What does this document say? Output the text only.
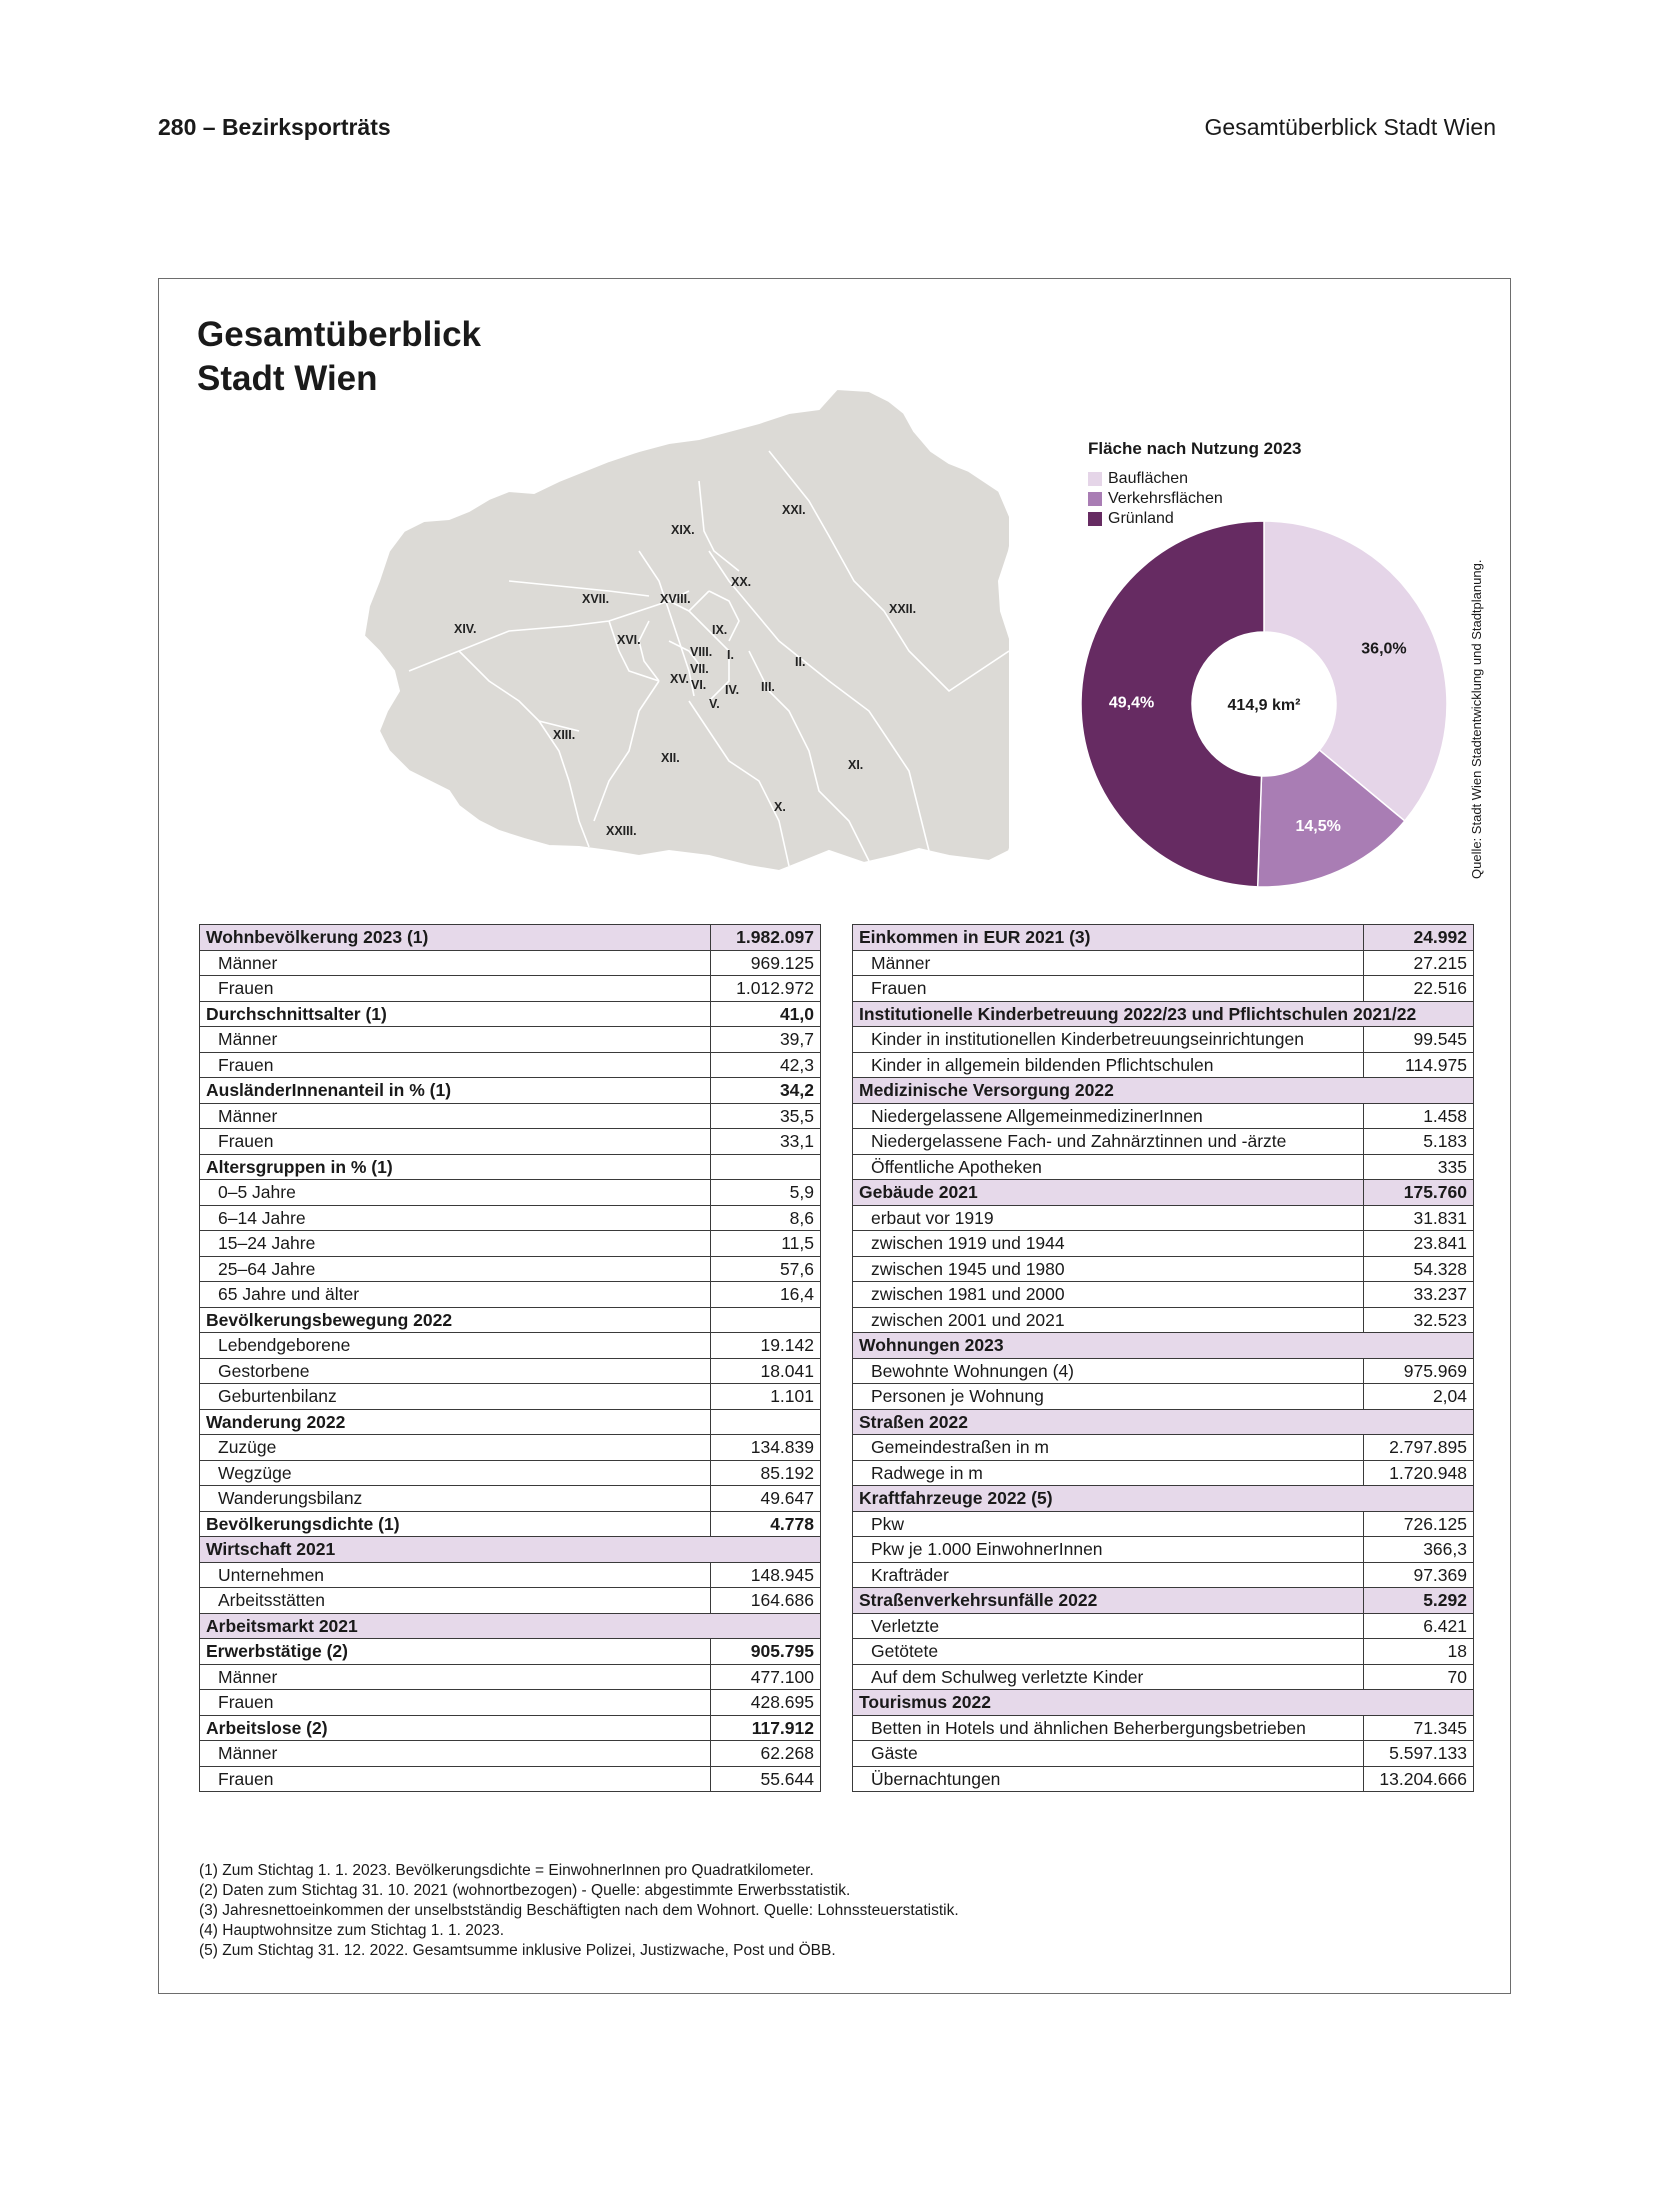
280 – Bezirksporträts	Gesamtüberblick Stadt Wien
Gesamtüberblick
Stadt Wien
I.	II.
III.
IV.
V.
VI.
VII.
VIII.
IX.
X.
XI.
XII.
XIII.
XIV.
XV.
XVI.
XVII.	XVIII.
XIX.
XX.
XXI.
XXII.
XXIII.
Fläche nach Nutzung 2023
Bauflächen
Verkehrsflächen
Grünland
36,0%
14,5%
49,4%	414,9 km²	Quelle: Stadt Wien Stadtentwicklung und Stadtplanung.
Wohnbevölkerung 2023 (1)	1.982.097
Männer	969.125
Frauen	1.012.972
Durchschnittsalter (1)	41,0
Männer	39,7
Frauen	42,3
AusländerInnenanteil in % (1)	34,2
Männer	35,5
Frauen	33,1
Altersgruppen in % (1)	
0–5 Jahre	5,9
6–14 Jahre	8,6
15–24 Jahre	11,5
25–64 Jahre	57,6
65 Jahre und älter	16,4
Bevölkerungsbewegung 2022	
Lebendgeborene	19.142
Gestorbene	18.041
Geburtenbilanz	1.101
Wanderung 2022	
Zuzüge	134.839
Wegzüge	85.192
Wanderungsbilanz	49.647
Bevölkerungsdichte (1)	4.778
Wirtschaft 2021	
Unternehmen	148.945
Arbeitsstätten	164.686
Arbeitsmarkt 2021	
Erwerbstätige (2)	905.795
Männer	477.100
Frauen	428.695
Arbeitslose (2)	117.912
Männer	62.268
Frauen	55.644
Einkommen in EUR 2021 (3)	24.992
Männer	27.215
Frauen	22.516
Institutionelle Kinderbetreuung 2022/23 und Pflichtschulen 2021/22	
Kinder in institutionellen Kinderbetreuungseinrichtungen	99.545
Kinder in allgemein bildenden Pflichtschulen	114.975
Medizinische Versorgung 2022	
Niedergelassene AllgemeinmedizinerInnen	1.458
Niedergelassene Fach- und Zahnärztinnen und -ärzte	5.183
Öffentliche Apotheken	335
Gebäude 2021	175.760
erbaut vor 1919	31.831
zwischen 1919 und 1944	23.841
zwischen 1945 und 1980	54.328
zwischen 1981 und 2000	33.237
zwischen 2001 und 2021	32.523
Wohnungen 2023	
Bewohnte Wohnungen (4)	975.969
Personen je Wohnung	2,04
Straßen 2022	
Gemeindestraßen in m	2.797.895
Radwege in m	1.720.948
Kraftfahrzeuge 2022 (5)	
Pkw	726.125
Pkw je 1.000 EinwohnerInnen	366,3
Krafträder	97.369
Straßenverkehrsunfälle 2022	5.292
Verletzte	6.421
Getötete	18
Auf dem Schulweg verletzte Kinder	70
Tourismus 2022	
Betten in Hotels und ähnlichen Beherbergungsbetrieben	71.345
Gäste	5.597.133
Übernachtungen	13.204.666
(1) Zum Stichtag 1. 1. 2023. Bevölkerungsdichte = EinwohnerInnen pro Quadratkilometer.
(2) Daten zum Stichtag 31. 10. 2021 (wohnortbezogen) - Quelle: abgestimmte Erwerbsstatistik.
(3) Jahresnettoeinkommen der unselbstständig Beschäftigten nach dem Wohnort. Quelle: Lohnssteuerstatistik.
(4) Hauptwohnsitze zum Stichtag 1. 1. 2023.
(5) Zum Stichtag 31. 12. 2022. Gesamtsumme inklusive Polizei, Justizwache, Post und ÖBB.
